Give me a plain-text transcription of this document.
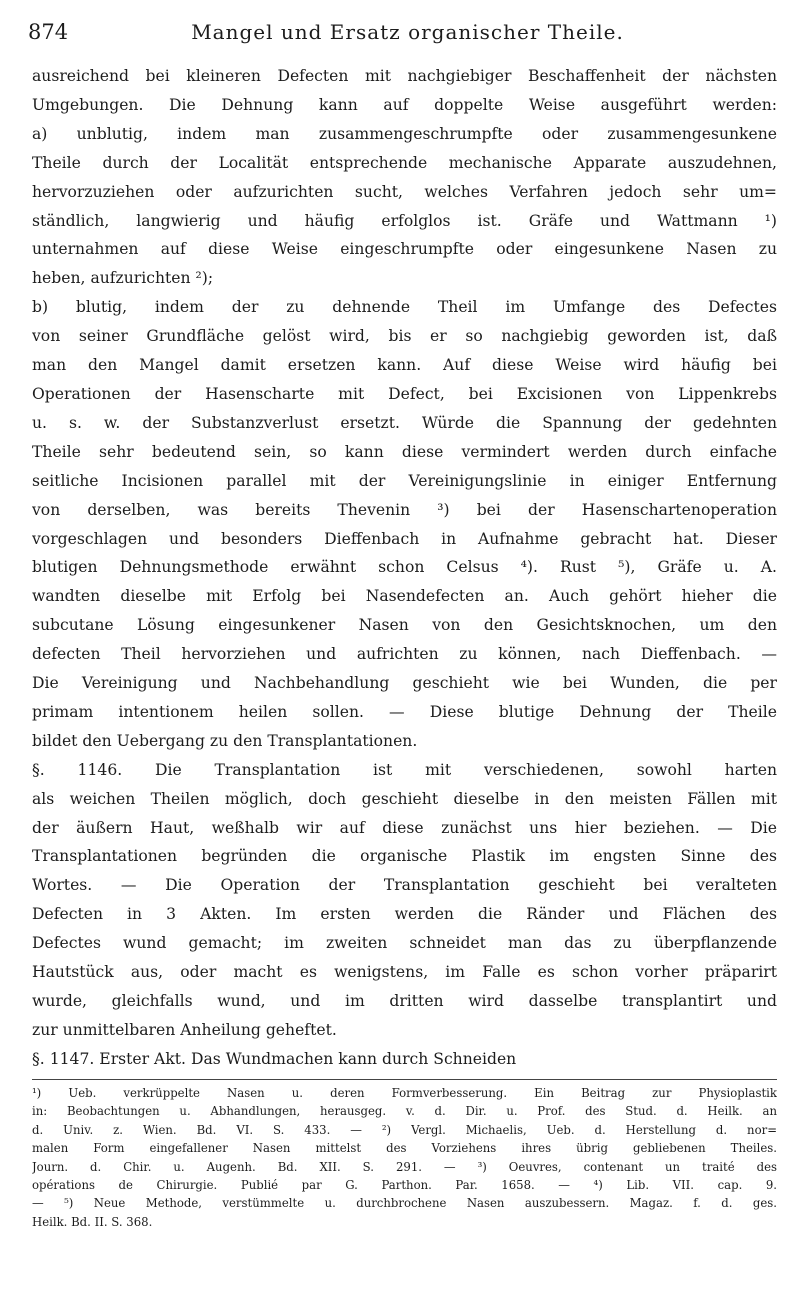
874	Mangel und Ersatz organischer Theile.
ausreichend bei kleineren Defecten mit nachgiebiger Beschaffenheit der nächsten
Umgebungen. Die Dehnung kann auf doppelte Weise ausgeführt werden:
a) unblutig, indem man zusammengeschrumpfte oder zusammengesunkene
Theile durch der Localität entsprechende mechanische Apparate auszudehnen,
hervorzuziehen oder aufzurichten sucht, welches Verfahren jedoch sehr um=
ständlich, langwierig und häufig erfolglos ist. Gräfe und Wattmann ¹)
unternahmen auf diese Weise eingeschrumpfte oder eingesunkene Nasen zu
heben, aufzurichten ²);
b) blutig, indem der zu dehnende Theil im Umfange des Defectes
von seiner Grundfläche gelöst wird, bis er so nachgiebig geworden ist, daß
man den Mangel damit ersetzen kann. Auf diese Weise wird häufig bei
Operationen der Hasenscharte mit Defect, bei Excisionen von Lippenkrebs
u. s. w. der Substanzverlust ersetzt. Würde die Spannung der gedehnten
Theile sehr bedeutend sein, so kann diese vermindert werden durch einfache
seitliche Incisionen parallel mit der Vereinigungslinie in einiger Entfernung
von derselben, was bereits Thevenin ³) bei der Hasenschartenoperation
vorgeschlagen und besonders Dieffenbach in Aufnahme gebracht hat. Dieser
blutigen Dehnungsmethode erwähnt schon Celsus ⁴). Rust ⁵), Gräfe u. A.
wandten dieselbe mit Erfolg bei Nasendefecten an. Auch gehört hieher die
subcutane Lösung eingesunkener Nasen von den Gesichtsknochen, um den
defecten Theil hervorziehen und aufrichten zu können, nach Dieffenbach. —
Die Vereinigung und Nachbehandlung geschieht wie bei Wunden, die per
primam intentionem heilen sollen. — Diese blutige Dehnung der Theile
bildet den Uebergang zu den Transplantationen.
§. 1146. Die Transplantation ist mit verschiedenen, sowohl harten
als weichen Theilen möglich, doch geschieht dieselbe in den meisten Fällen mit
der äußern Haut, weßhalb wir auf diese zunächst uns hier beziehen. — Die
Transplantationen begründen die organische Plastik im engsten Sinne des
Wortes. — Die Operation der Transplantation geschieht bei veralteten
Defecten in 3 Akten. Im ersten werden die Ränder und Flächen des
Defectes wund gemacht; im zweiten schneidet man das zu überpflanzende
Hautstück aus, oder macht es wenigstens, im Falle es schon vorher präparirt
wurde, gleichfalls wund, und im dritten wird dasselbe transplantirt und
zur unmittelbaren Anheilung geheftet.
§. 1147. Erster Akt. Das Wundmachen kann durch Schneiden
¹) Ueb. verkrüppelte Nasen u. deren Formverbesserung. Ein Beitrag zur Physioplastik
in: Beobachtungen u. Abhandlungen, herausgeg. v. d. Dir. u. Prof. des Stud. d. Heilk. an
d. Univ. z. Wien. Bd. VI. S. 433. — ²) Vergl. Michaelis, Ueb. d. Herstellung d. nor=
malen Form eingefallener Nasen mittelst des Vorziehens ihres übrig gebliebenen Theiles.
Journ. d. Chir. u. Augenh. Bd. XII. S. 291. — ³) Oeuvres, contenant un traité des
opérations de Chirurgie. Publié par G. Parthon. Par. 1658. — ⁴) Lib. VII. cap. 9.
— ⁵) Neue Methode, verstümmelte u. durchbrochene Nasen auszubessern. Magaz. f. d. ges.
Heilk. Bd. II. S. 368.
